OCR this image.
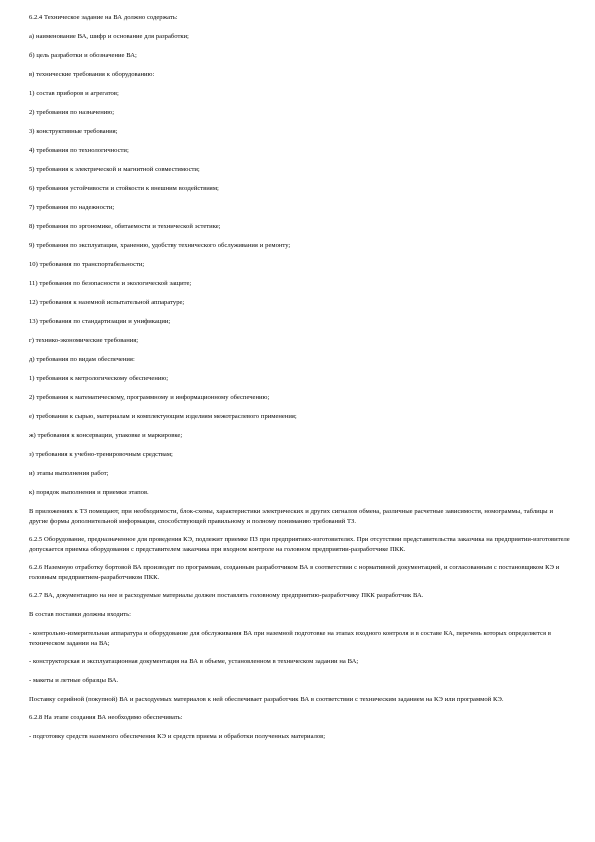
6.2.4 Техническое задание на ВА должно содержать:

а) наименование ВА, шифр и основание для разработки;

б) цель разработки и обозначение ВА;

в) технические требования к оборудованию:

1) состав приборов и агрегатов;

2) требования по назначению;

3) конструктивные требования;

4) требования по технологичности;

5) требования к электрической и магнитной совместимости;

6) требования устойчивости и стойкости к внешним воздействиям;

7) требования по надежности;

8) требования по эргономике, обитаемости и технической эстетике;

9) требования по эксплуатации, хранению, удобству технического обслуживания и ремонту;

10) требования по транспортабельности;

11) требования по безопасности и экологической защите;

12) требования к наземной испытательной аппаратуре;

13) требования по стандартизации и унификации;

г) технико-экономические требования;

д) требования по видам обеспечения:

1) требования к метрологическому обеспечению;

2) требования к математическому, программному и информационному обеспечению;

е) требования к сырью, материалам и комплектующим изделиям межотраслевого применения;

ж) требования к консервации, упаковке и маркировке;

з) требования к учебно-тренировочным средствам;

и) этапы выполнения работ;

к) порядок выполнения и приемки этапов.

В приложениях к ТЗ помещают, при необходимости, блок-схемы, характеристики электрических и других сигналов обмена, различные расчетные зависимости, номограммы, таблицы и другие формы дополнительной информации, способствующей правильному и полному пониманию требований ТЗ.

6.2.5 Оборудование, предназначенное для проведения КЭ, подлежит приемке ПЗ при предприятиях-изготовителях. При отсутствии представительства заказчика на предприятии-изготовителе допускается приемка оборудования с представителем заказчика при входном контроле на головном предприятии-разработчике ПКК.

6.2.6 Наземную отработку бортовой ВА производят по программам, созданным разработчиком ВА в соответствии с нормативной документацией, и согласованным с постановщиком КЭ и головным предприятием-разработчиком ПКК.

6.2.7 ВА, документацию на нее и расходуемые материалы должен поставлять головному предприятию-разработчику ПКК разработчик ВА.

В состав поставки должны входить:

- контрольно-измерительная аппаратура и оборудование для обслуживания ВА при наземной подготовке на этапах входного контроля и в составе КА, перечень которых определяется в техническом задании на ВА;

- конструкторская и эксплуатационная документация на ВА в объеме, установленном в техническом задании на ВА;

- макеты и летные образцы ВА.

Поставку серийной (покупной) ВА и расходуемых материалов к ней обеспечивает разработчик ВА в соответствии с техническим заданием на КЭ или программой КЭ.

6.2.8 На этапе создания ВА необходимо обеспечивать:

- подготовку средств наземного обеспечения КЭ и средств приема и обработки полученных материалов;
